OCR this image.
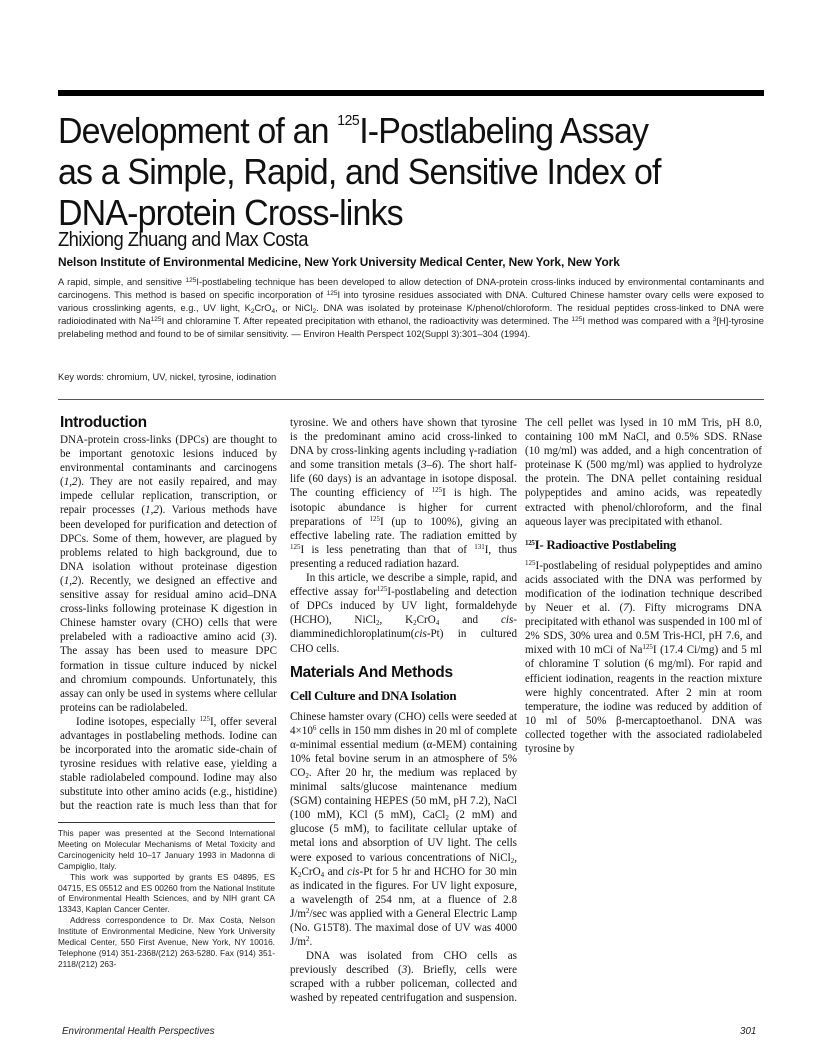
Development of an $^{125}$I-Postlabeling Assay
as a Simple, Rapid, and Sensitive Index of
DNA-protein Cross-links
Zhixiong Zhuang and Max Costa
Nelson Institute of Environmental Medicine, New York University Medical Center, New York, New York

A rapid, simple, and sensitive $^{125}$I-postlabeling technique has been developed to allow detection of DNA-protein cross-links induced by environmental contaminants and carcinogens. This method is based on specific incorporation of $^{125}$I into tyrosine residues associated with DNA. Cultured Chinese hamster ovary cells were exposed to various crosslinking agents, e.g., UV light, $K_2CrO_4$, or NiCl$_2$. DNA was isolated by proteinase K/phenol/chloroform. The residual peptides cross-linked to DNA were radioiodinated with Na$^{125}$I and chloramine T. After repeated precipitation with ethanol, the radioactivity was determined. The $^{125}$I method was compared with a $^3$[H]-tyrosine prelabeling method and found to be of similar sensitivity. — Environ Health Perspect 102(Suppl 3):301–304 (1994).

Key words: chromium, UV, nickel, tyrosine, iodination

This paper was presented at the Second International Meeting on Molecular Mechanisms of Metal Toxicity and Carcinogenicity held 10–17 January 1993 in Madonna di Campiglio, Italy.

This work was supported by grants ES 04895, ES 04715, ES 05512 and ES 00260 from the National Institute of Environmental Health Sciences, and by NIH grant CA 13343, Kaplan Cancer Center.

Address correspondence to Dr. Max Costa, Nelson Institute of Environmental Medicine, New York University Medical Center, 550 First Avenue, New York, NY 10016. Telephone (914) 351-2368/(212) 263-5280. Fax (914) 351-2118/(212) 263-

Environmental Health Perspectives	301
Introduction

DNA-protein cross-links (DPCs) are thought to be important genotoxic lesions induced by environmental contaminants and carcinogens (1,2). They are not easily repaired, and may impede cellular replication, transcription, or repair processes (1,2). Various methods have been developed for purification and detection of DPCs. Some of them, however, are plagued by problems related to high background, due to DNA isolation without proteinase digestion (1,2). Recently, we designed an effective and sensitive assay for residual amino acid–DNA cross-links following proteinase K digestion in Chinese hamster ovary (CHO) cells that were prelabeled with a radioactive amino acid (3). The assay has been used to measure DPC formation in tissue culture induced by nickel and chromium compounds. Unfortunately, this assay can only be used in systems where cellular proteins can be radiolabeled.

Iodine isotopes, especially $^{125}$I, offer several advantages in postlabeling methods. Iodine can be incorporated into the aromatic side-chain of tyrosine residues with relative ease, yielding a stable radiolabeled compound. Iodine may also substitute into other amino acids (e.g., histidine) but the reaction rate is much less than that for

tyrosine. We and others have shown that tyrosine is the predominant amino acid cross-linked to DNA by cross-linking agents including γ-radiation and some transition metals (3–6). The short half-life (60 days) is an advantage in isotope disposal. The counting efficiency of $^{125}$I is high. The isotopic abundance is higher for current preparations of $^{125}$I (up to 100%), giving an effective labeling rate. The radiation emitted by $^{125}$I is less penetrating than that of $^{131}$I, thus presenting a reduced radiation hazard.

In this article, we describe a simple, rapid, and effective assay for$^{125}$I-postlabeling and detection of DPCs induced by UV light, formaldehyde (HCHO), NiCl$_2$, $K_2CrO_4$ and cis-diamminedichloroplatinum(cis-Pt) in cultured CHO cells.

Materials And Methods
Cell Culture and DNA Isolation

Chinese hamster ovary (CHO) cells were seeded at $4\times 10^6$ cells in 150 mm dishes in 20 ml of complete α-minimal essential medium (α-MEM) containing 10% fetal bovine serum in an atmosphere of 5% $CO_2$. After 20 hr, the medium was replaced by minimal salts/glucose maintenance medium (SGM) containing HEPES (50 mM, pH 7.2), NaCl (100 mM), KCl (5 mM), CaCl$_2$ (2 mM) and glucose (5 mM), to facilitate cellular uptake of metal ions and absorption of UV light. The cells were exposed to various concentrations of NiCl$_2$, $K_2CrO_4$ and cis-Pt for 5 hr and HCHO for 30 min as indicated in the figures. For UV light exposure, a wavelength of 254 nm, at a fluence of 2.8 $J/m^2/\sec$ was applied with a General Electric Lamp (No. G15T8). The maximal dose of UV was 4000 $J/m^2$.

DNA was isolated from CHO cells as previously described (3). Briefly, cells were scraped with a rubber policeman, collected and washed by repeated centrifugation and suspension.

The cell pellet was lysed in 10 mM Tris, pH 8.0, containing 100 mM NaCl, and 0.5% SDS. RNase (10 mg/ml) was added, and a high concentration of proteinase K (500 mg/ml) was applied to hydrolyze the protein. The DNA pellet containing residual polypeptides and amino acids, was repeatedly extracted with phenol/chloroform, and the final aqueous layer was precipitated with ethanol.

$^{125}$I- Radioactive Postlabeling

$^{125}$I-postlabeling of residual polypeptides and amino acids associated with the DNA was performed by modification of the iodination technique described by Neuer et al. (7). Fifty micrograms DNA precipitated with ethanol was suspended in 100 ml of 2% SDS, 30% urea and 0.5M Tris-HCl, pH 7.6, and mixed with 10 mCi of Na$^{125}$I (17.4 Ci/mg) and 5 ml of chloramine T solution (6 mg/ml). For rapid and efficient iodination, reagents in the reaction mixture were highly concentrated. After 2 min at room temperature, the iodine was reduced by addition of 10 ml of 50% β-mercaptoethanol. DNA was collected together with the associated radiolabeled tyrosine by
